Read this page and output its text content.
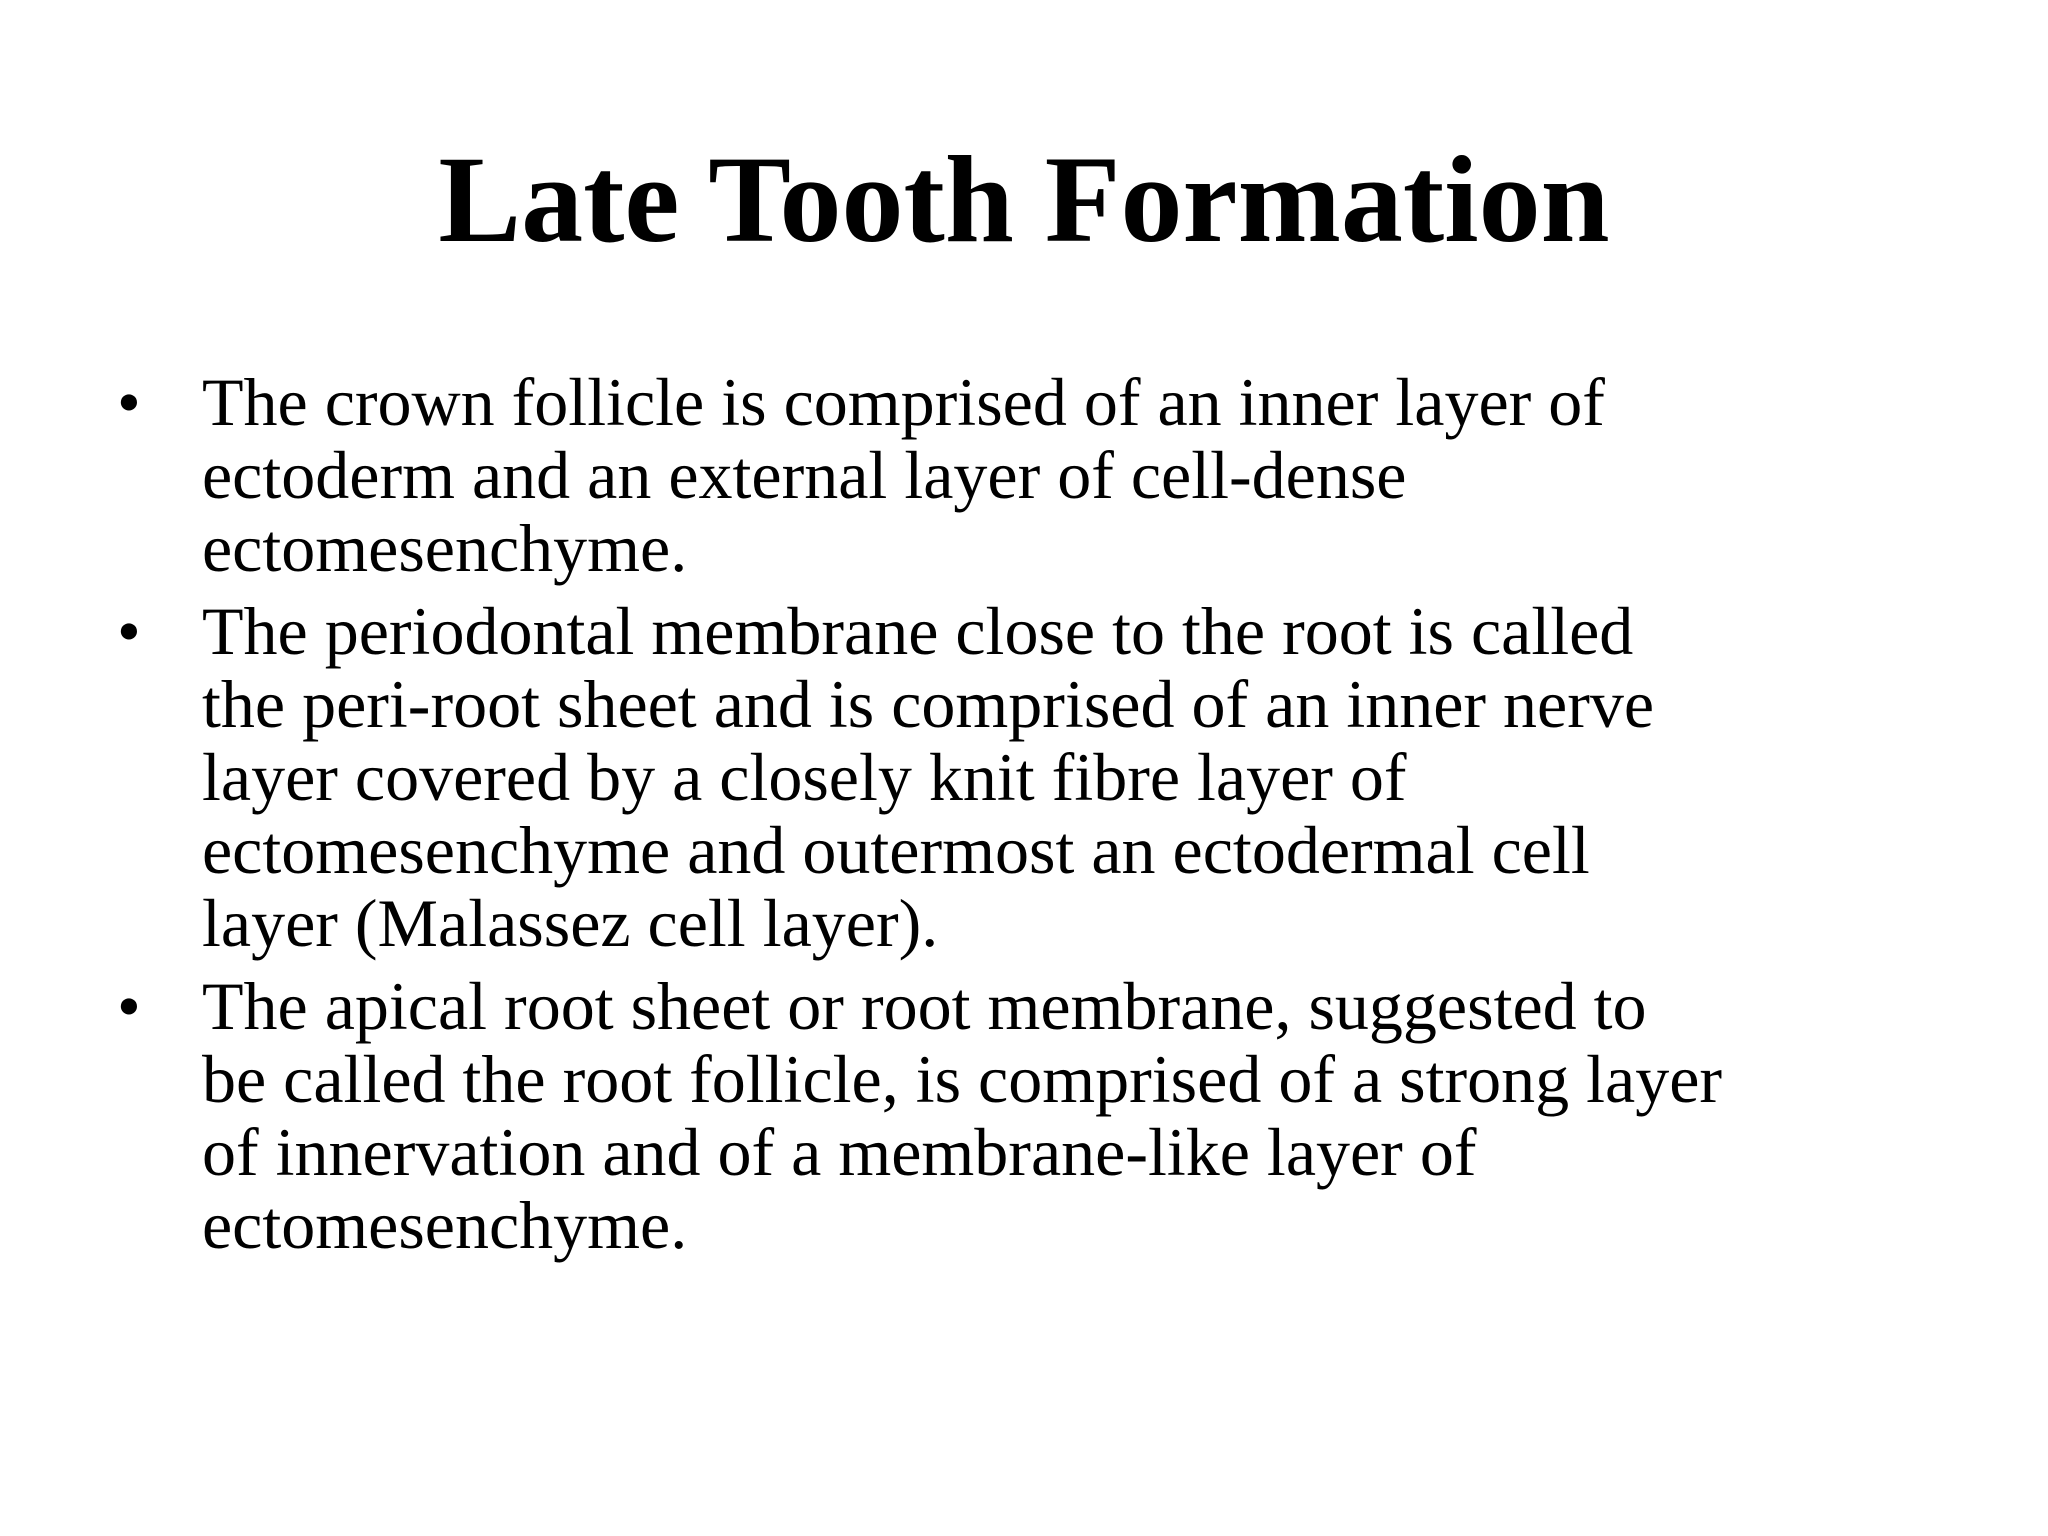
Late Tooth Formation
• The crown follicle is comprised of an inner layer of
ectoderm and an external layer of cell-dense
ectomesenchyme.
• The periodontal membrane close to the root is called
the peri-root sheet and is comprised of an inner nerve
layer covered by a closely knit fibre layer of
ectomesenchyme and outermost an ectodermal cell
layer (Malassez cell layer).
• The apical root sheet or root membrane, suggested to
be called the root follicle, is comprised of a strong layer
of innervation and of a membrane-like layer of
ectomesenchyme.
